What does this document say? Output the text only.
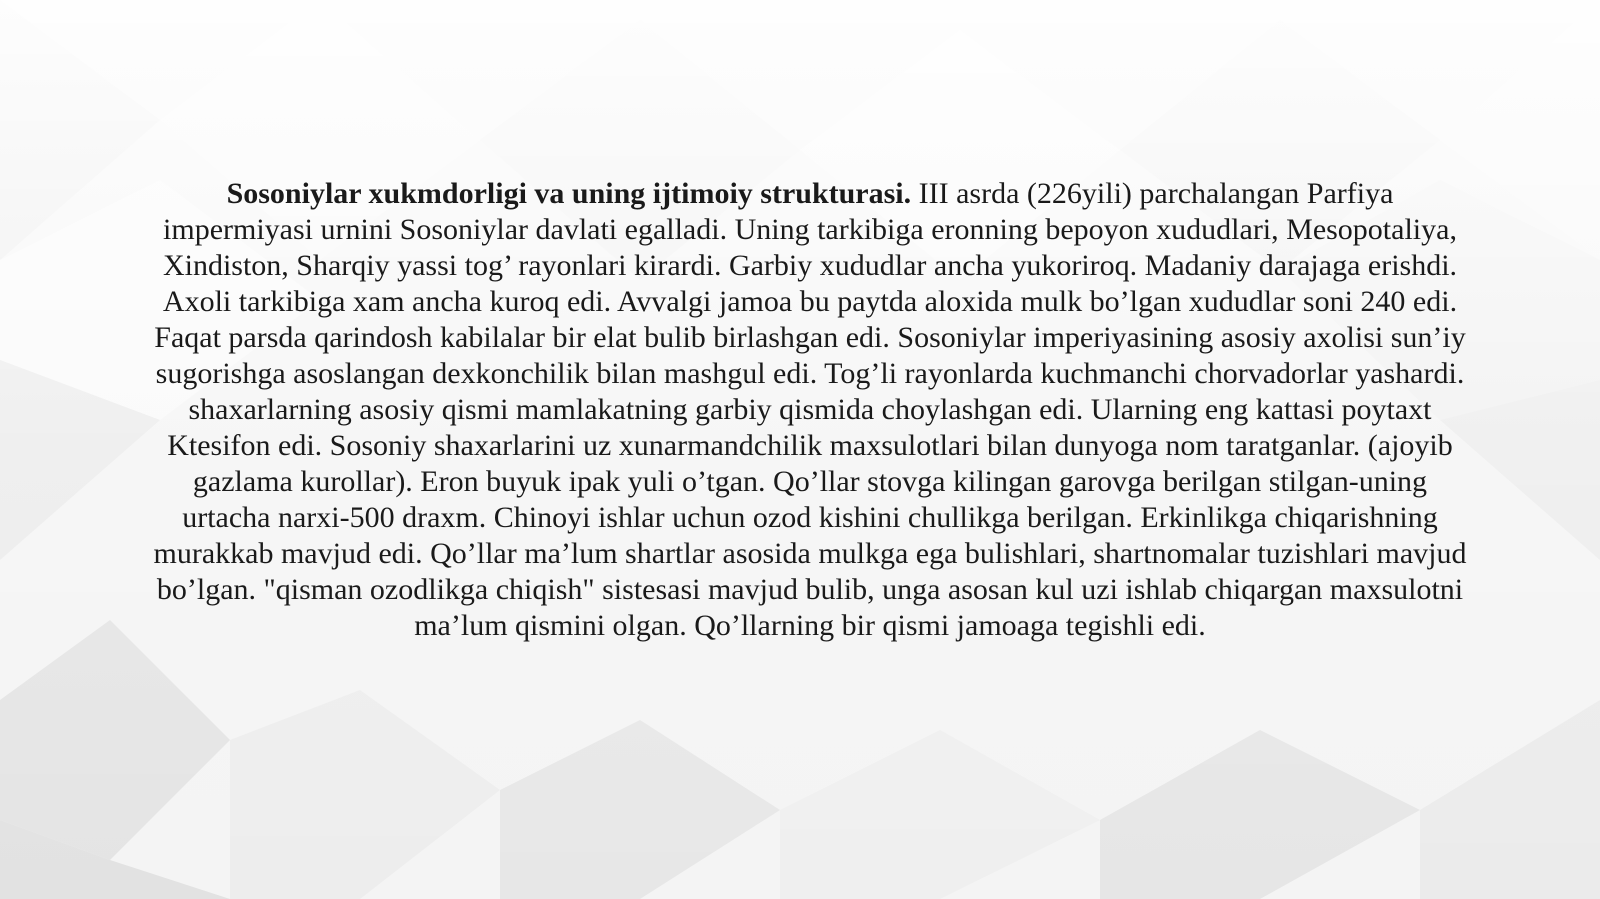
Sosoniylar xukmdorligi va uning ijtimoiy strukturasi. III asrda (226yili) parchalangan Parfiya impermiyasi urnini Sosoniylar davlati egalladi. Uning tarkibiga eronning bepoyon xududlari, Mesopotaliya, Xindiston, Sharqiy yassi tog’ rayonlari kirardi. Garbiy xududlar ancha yukoriroq. Madaniy darajaga erishdi. Axoli tarkibiga xam ancha kuroq edi. Avvalgi jamoa bu paytda aloxida mulk bo’lgan xududlar soni 240 edi. Faqat parsda qarindosh kabilalar bir elat bulib birlashgan edi. Sosoniylar imperiyasining asosiy axolisi sun’iy sugorishga asoslangan dexkonchilik bilan mashgul edi. Tog’li rayonlarda kuchmanchi chorvadorlar yashardi. shaxarlarning asosiy qismi mamlakatning garbiy qismida choylashgan edi. Ularning eng kattasi poytaxt Ktesifon edi. Sosoniy shaxarlarini uz xunarmandchilik maxsulotlari bilan dunyoga nom taratganlar. (ajoyib gazlama kurollar). Eron buyuk ipak yuli o’tgan. Qo’llar stovga kilingan garovga berilgan stilgan-uning urtacha narxi-500 draxm. Chinoyi ishlar uchun ozod kishini chullikga berilgan. Erkinlikga chiqarishning murakkab mavjud edi. Qo’llar ma’lum shartlar asosida mulkga ega bulishlari, shartnomalar tuzishlari mavjud bo’lgan. "qisman ozodlikga chiqish" sistesasi mavjud bulib, unga asosan kul uzi ishlab chiqargan maxsulotni ma’lum qismini olgan. Qo’llarning bir qismi jamoaga tegishli edi.
